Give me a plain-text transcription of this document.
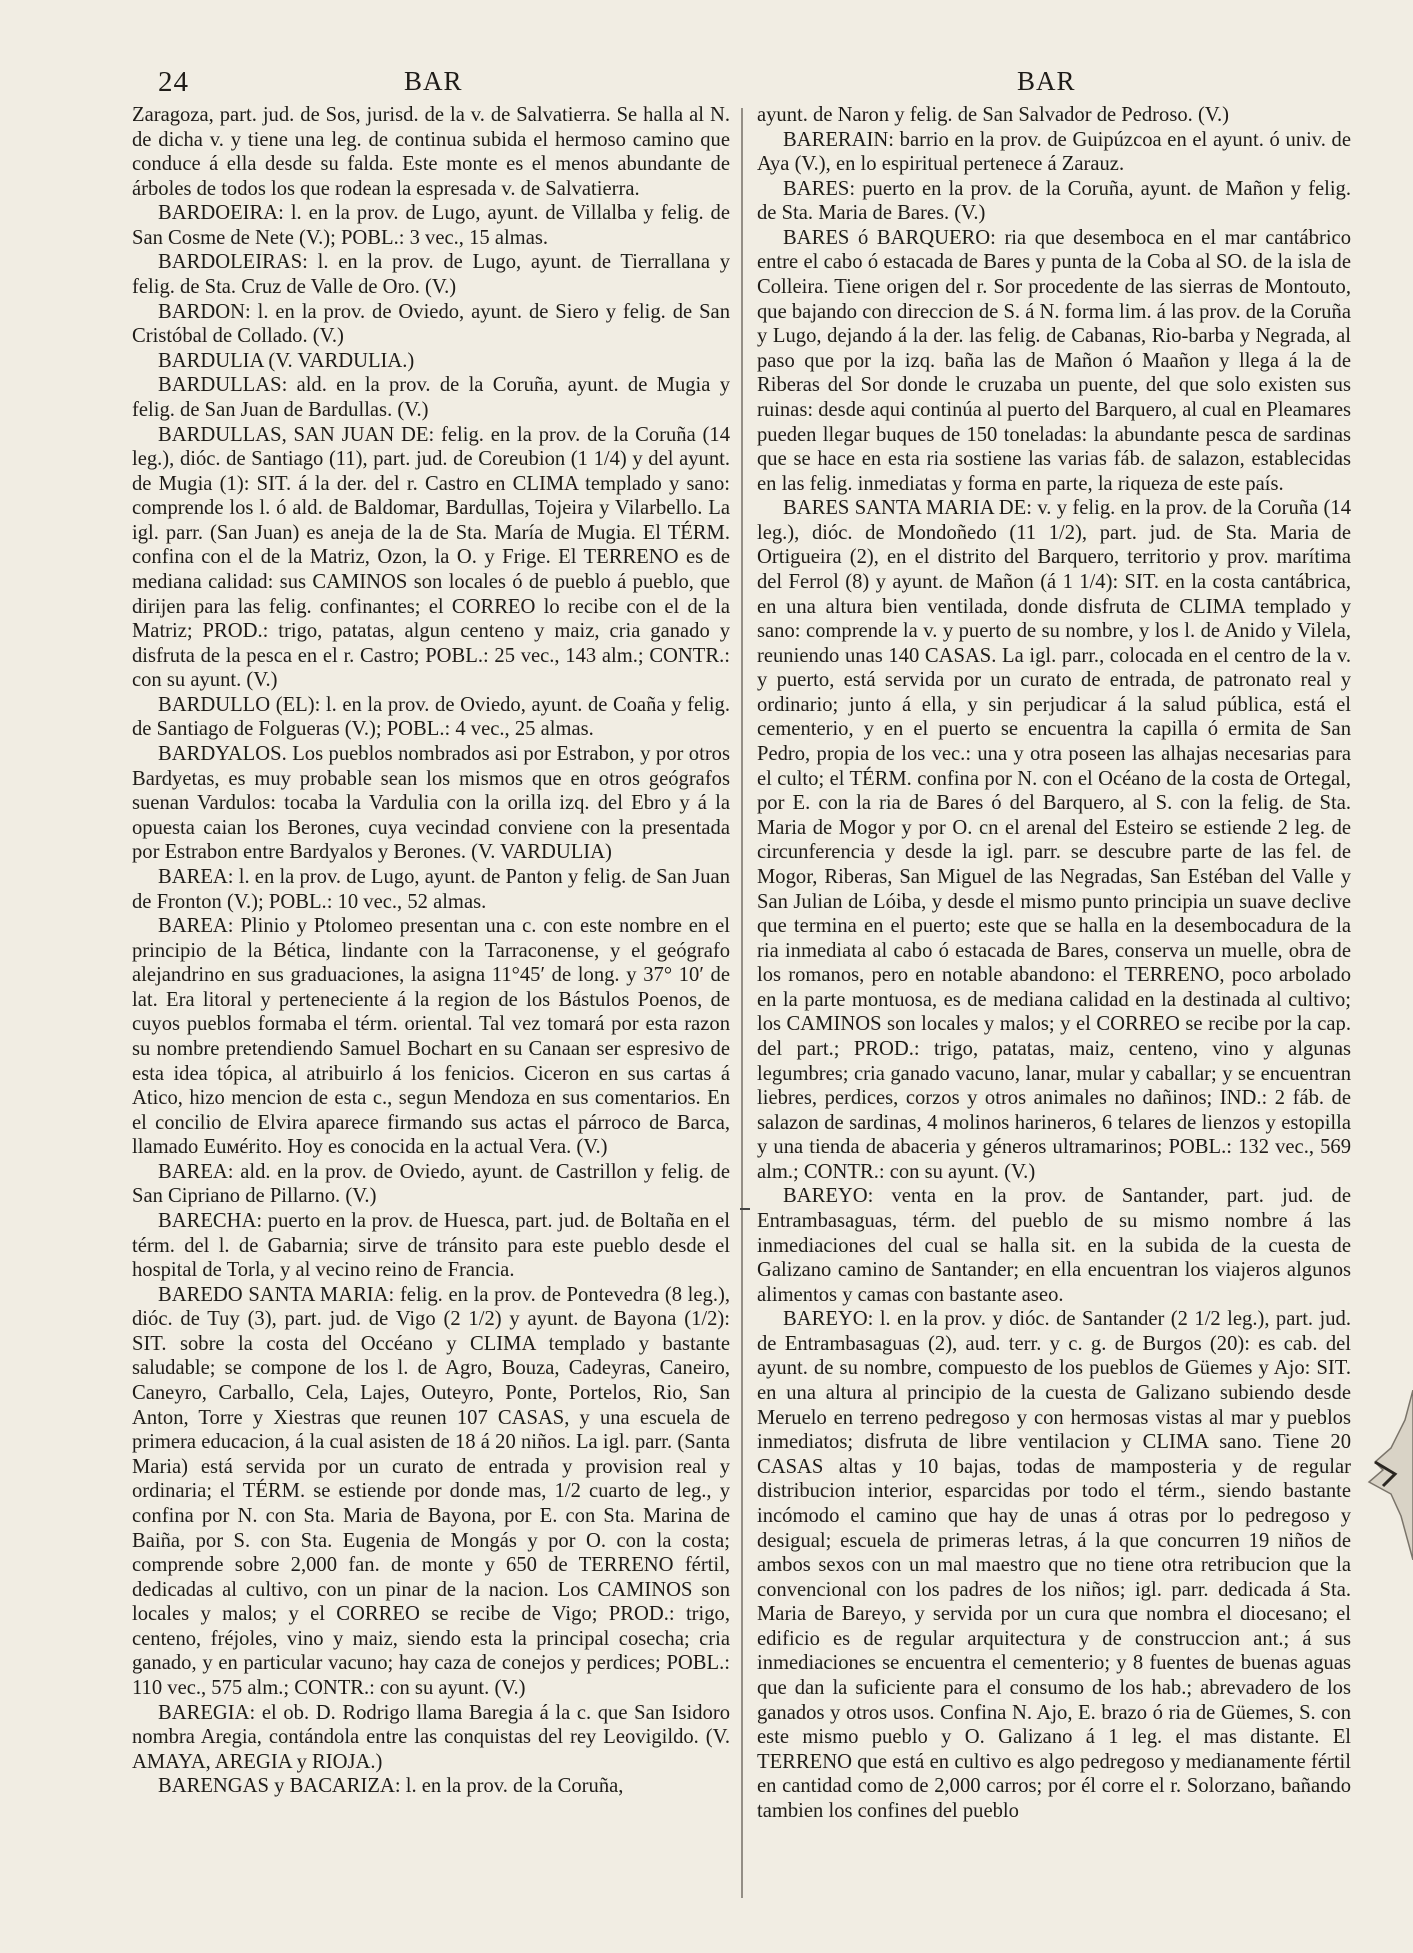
24	BAR	BAR

Zaragoza, part. jud. de Sos, jurisd. de la v. de Salvatierra. Se halla al N. de dicha v. y tiene una leg. de continua subida el hermoso camino que conduce á ella desde su falda. Este monte es el menos abundante de árboles de todos los que rodean la espresada v. de Salvatierra.

BARDOEIRA: l. en la prov. de Lugo, ayunt. de Villalba y felig. de San Cosme de Nete (V.); POBL.: 3 vec., 15 almas.

BARDOLEIRAS: l. en la prov. de Lugo, ayunt. de Tierrallana y felig. de Sta. Cruz de Valle de Oro. (V.)

BARDON: l. en la prov. de Oviedo, ayunt. de Siero y felig. de San Cristóbal de Collado. (V.)

BARDULIA (V. VARDULIA.)

BARDULLAS: ald. en la prov. de la Coruña, ayunt. de Mugia y felig. de San Juan de Bardullas. (V.)

BARDULLAS, SAN JUAN DE: felig. en la prov. de la Coruña (14 leg.), dióc. de Santiago (11), part. jud. de Coreubion (1 1/4) y del ayunt. de Mugia (1): SIT. á la der. del r. Castro en CLIMA templado y sano: comprende los l. ó ald. de Baldomar, Bardullas, Tojeira y Vilarbello. La igl. parr. (San Juan) es aneja de la de Sta. María de Mugia. El TÉRM. confina con el de la Matriz, Ozon, la O. y Frige. El TERRENO es de mediana calidad: sus CAMINOS son locales ó de pueblo á pueblo, que dirijen para las felig. confinantes; el CORREO lo recibe con el de la Matriz; PROD.: trigo, patatas, algun centeno y maiz, cria ganado y disfruta de la pesca en el r. Castro; POBL.: 25 vec., 143 alm.; CONTR.: con su ayunt. (V.)

BARDULLO (EL): l. en la prov. de Oviedo, ayunt. de Coaña y felig. de Santiago de Folgueras (V.); POBL.: 4 vec., 25 almas.

BARDYALOS. Los pueblos nombrados asi por Estrabon, y por otros Bardyetas, es muy probable sean los mismos que en otros geógrafos suenan Vardulos: tocaba la Vardulia con la orilla izq. del Ebro y á la opuesta caian los Berones, cuya vecindad conviene con la presentada por Estrabon entre Bardyalos y Berones. (V. VARDULIA)

BAREA: l. en la prov. de Lugo, ayunt. de Panton y felig. de San Juan de Fronton (V.); POBL.: 10 vec., 52 almas.

BAREA: Plinio y Ptolomeo presentan una c. con este nombre en el principio de la Bética, lindante con la Tarraconense, y el geógrafo alejandrino en sus graduaciones, la asigna 11°45′ de long. y 37° 10′ de lat. Era litoral y perteneciente á la region de los Bástulos Poenos, de cuyos pueblos formaba el térm. oriental. Tal vez tomará por esta razon su nombre pretendiendo Samuel Bochart en su Canaan ser espresivo de esta idea tópica, al atribuirlo á los fenicios. Ciceron en sus cartas á Atico, hizo mencion de esta c., segun Mendoza en sus comentarios. En el concilio de Elvira aparece firmando sus actas el párroco de Barca, llamado Euмérito. Hoy es conocida en la actual Vera. (V.)

BAREA: ald. en la prov. de Oviedo, ayunt. de Castrillon y felig. de San Cipriano de Pillarno. (V.)

BARECHA: puerto en la prov. de Huesca, part. jud. de Boltaña en el térm. del l. de Gabarnia; sirve de tránsito para este pueblo desde el hospital de Torla, y al vecino reino de Francia.

BAREDO SANTA MARIA: felig. en la prov. de Pontevedra (8 leg.), dióc. de Tuy (3), part. jud. de Vigo (2 1/2) y ayunt. de Bayona (1/2): SIT. sobre la costa del Occéano y CLIMA templado y bastante saludable; se compone de los l. de Agro, Bouza, Cadeyras, Caneiro, Caneyro, Carballo, Cela, Lajes, Outeyro, Ponte, Portelos, Rio, San Anton, Torre y Xiestras que reunen 107 CASAS, y una escuela de primera educacion, á la cual asisten de 18 á 20 niños. La igl. parr. (Santa Maria) está servida por un curato de entrada y provision real y ordinaria; el TÉRM. se estiende por donde mas, 1/2 cuarto de leg., y confina por N. con Sta. Maria de Bayona, por E. con Sta. Marina de Baiña, por S. con Sta. Eugenia de Mongás y por O. con la costa; comprende sobre 2,000 fan. de monte y 650 de TERRENO fértil, dedicadas al cultivo, con un pinar de la nacion. Los CAMINOS son locales y malos; y el CORREO se recibe de Vigo; PROD.: trigo, centeno, fréjoles, vino y maiz, siendo esta la principal cosecha; cria ganado, y en particular vacuno; hay caza de conejos y perdices; POBL.: 110 vec., 575 alm.; CONTR.: con su ayunt. (V.)

BAREGIA: el ob. D. Rodrigo llama Baregia á la c. que San Isidoro nombra Aregia, contándola entre las conquistas del rey Leovigildo. (V. AMAYA, AREGIA y RIOJA.)

BARENGAS y BACARIZA: l. en la prov. de la Coruña,

ayunt. de Naron y felig. de San Salvador de Pedroso. (V.)

BARERAIN: barrio en la prov. de Guipúzcoa en el ayunt. ó univ. de Aya (V.), en lo espiritual pertenece á Zarauz.

BARES: puerto en la prov. de la Coruña, ayunt. de Mañon y felig. de Sta. Maria de Bares. (V.)

BARES ó BARQUERO: ria que desemboca en el mar cantábrico entre el cabo ó estacada de Bares y punta de la Coba al SO. de la isla de Colleira. Tiene origen del r. Sor procedente de las sierras de Montouto, que bajando con direccion de S. á N. forma lim. á las prov. de la Coruña y Lugo, dejando á la der. las felig. de Cabanas, Rio-barba y Negrada, al paso que por la izq. baña las de Mañon ó Maañon y llega á la de Riberas del Sor donde le cruzaba un puente, del que solo existen sus ruinas: desde aqui continúa al puerto del Barquero, al cual en Pleamares pueden llegar buques de 150 toneladas: la abundante pesca de sardinas que se hace en esta ria sostiene las varias fáb. de salazon, establecidas en las felig. inmediatas y forma en parte, la riqueza de este país.

BARES SANTA MARIA DE: v. y felig. en la prov. de la Coruña (14 leg.), dióc. de Mondoñedo (11 1/2), part. jud. de Sta. Maria de Ortigueira (2), en el distrito del Barquero, territorio y prov. marítima del Ferrol (8) y ayunt. de Mañon (á 1 1/4): SIT. en la costa cantábrica, en una altura bien ventilada, donde disfruta de CLIMA templado y sano: comprende la v. y puerto de su nombre, y los l. de Anido y Vilela, reuniendo unas 140 CASAS. La igl. parr., colocada en el centro de la v. y puerto, está servida por un curato de entrada, de patronato real y ordinario; junto á ella, y sin perjudicar á la salud pública, está el cementerio, y en el puerto se encuentra la capilla ó ermita de San Pedro, propia de los vec.: una y otra poseen las alhajas necesarias para el culto; el TÉRM. confina por N. con el Océano de la costa de Ortegal, por E. con la ria de Bares ó del Barquero, al S. con la felig. de Sta. Maria de Mogor y por O. cn el arenal del Esteiro se estiende 2 leg. de circunferencia y desde la igl. parr. se descubre parte de las fel. de Mogor, Riberas, San Miguel de las Negradas, San Estéban del Valle y San Julian de Lóiba, y desde el mismo punto principia un suave declive que termina en el puerto; este que se halla en la desembocadura de la ria inmediata al cabo ó estacada de Bares, conserva un muelle, obra de los romanos, pero en notable abandono: el TERRENO, poco arbolado en la parte montuosa, es de mediana calidad en la destinada al cultivo; los CAMINOS son locales y malos; y el CORREO se recibe por la cap. del part.; PROD.: trigo, patatas, maiz, centeno, vino y algunas legumbres; cria ganado vacuno, lanar, mular y caballar; y se encuentran liebres, perdices, corzos y otros animales no dañinos; IND.: 2 fáb. de salazon de sardinas, 4 molinos harineros, 6 telares de lienzos y estopilla y una tienda de abaceria y géneros ultramarinos; POBL.: 132 vec., 569 alm.; CONTR.: con su ayunt. (V.)

BAREYO: venta en la prov. de Santander, part. jud. de Entrambasaguas, térm. del pueblo de su mismo nombre á las inmediaciones del cual se halla sit. en la subida de la cuesta de Galizano camino de Santander; en ella encuentran los viajeros algunos alimentos y camas con bastante aseo.

BAREYO: l. en la prov. y dióc. de Santander (2 1/2 leg.), part. jud. de Entrambasaguas (2), aud. terr. y c. g. de Burgos (20): es cab. del ayunt. de su nombre, compuesto de los pueblos de Güemes y Ajo: SIT. en una altura al principio de la cuesta de Galizano subiendo desde Meruelo en terreno pedregoso y con hermosas vistas al mar y pueblos inmediatos; disfruta de libre ventilacion y CLIMA sano. Tiene 20 CASAS altas y 10 bajas, todas de mamposteria y de regular distribucion interior, esparcidas por todo el térm., siendo bastante incómodo el camino que hay de unas á otras por lo pedregoso y desigual; escuela de primeras letras, á la que concurren 19 niños de ambos sexos con un mal maestro que no tiene otra retribucion que la convencional con los padres de los niños; igl. parr. dedicada á Sta. Maria de Bareyo, y servida por un cura que nombra el diocesano; el edificio es de regular arquitectura y de construccion ant.; á sus inmediaciones se encuentra el cementerio; y 8 fuentes de buenas aguas que dan la suficiente para el consumo de los hab.; abrevadero de los ganados y otros usos. Confina N. Ajo, E. brazo ó ria de Güemes, S. con este mismo pueblo y O. Galizano á 1 leg. el mas distante. El TERRENO que está en cultivo es algo pedregoso y medianamente fértil en cantidad como de 2,000 carros; por él corre el r. Solorzano, bañando tambien los confines del pueblo
